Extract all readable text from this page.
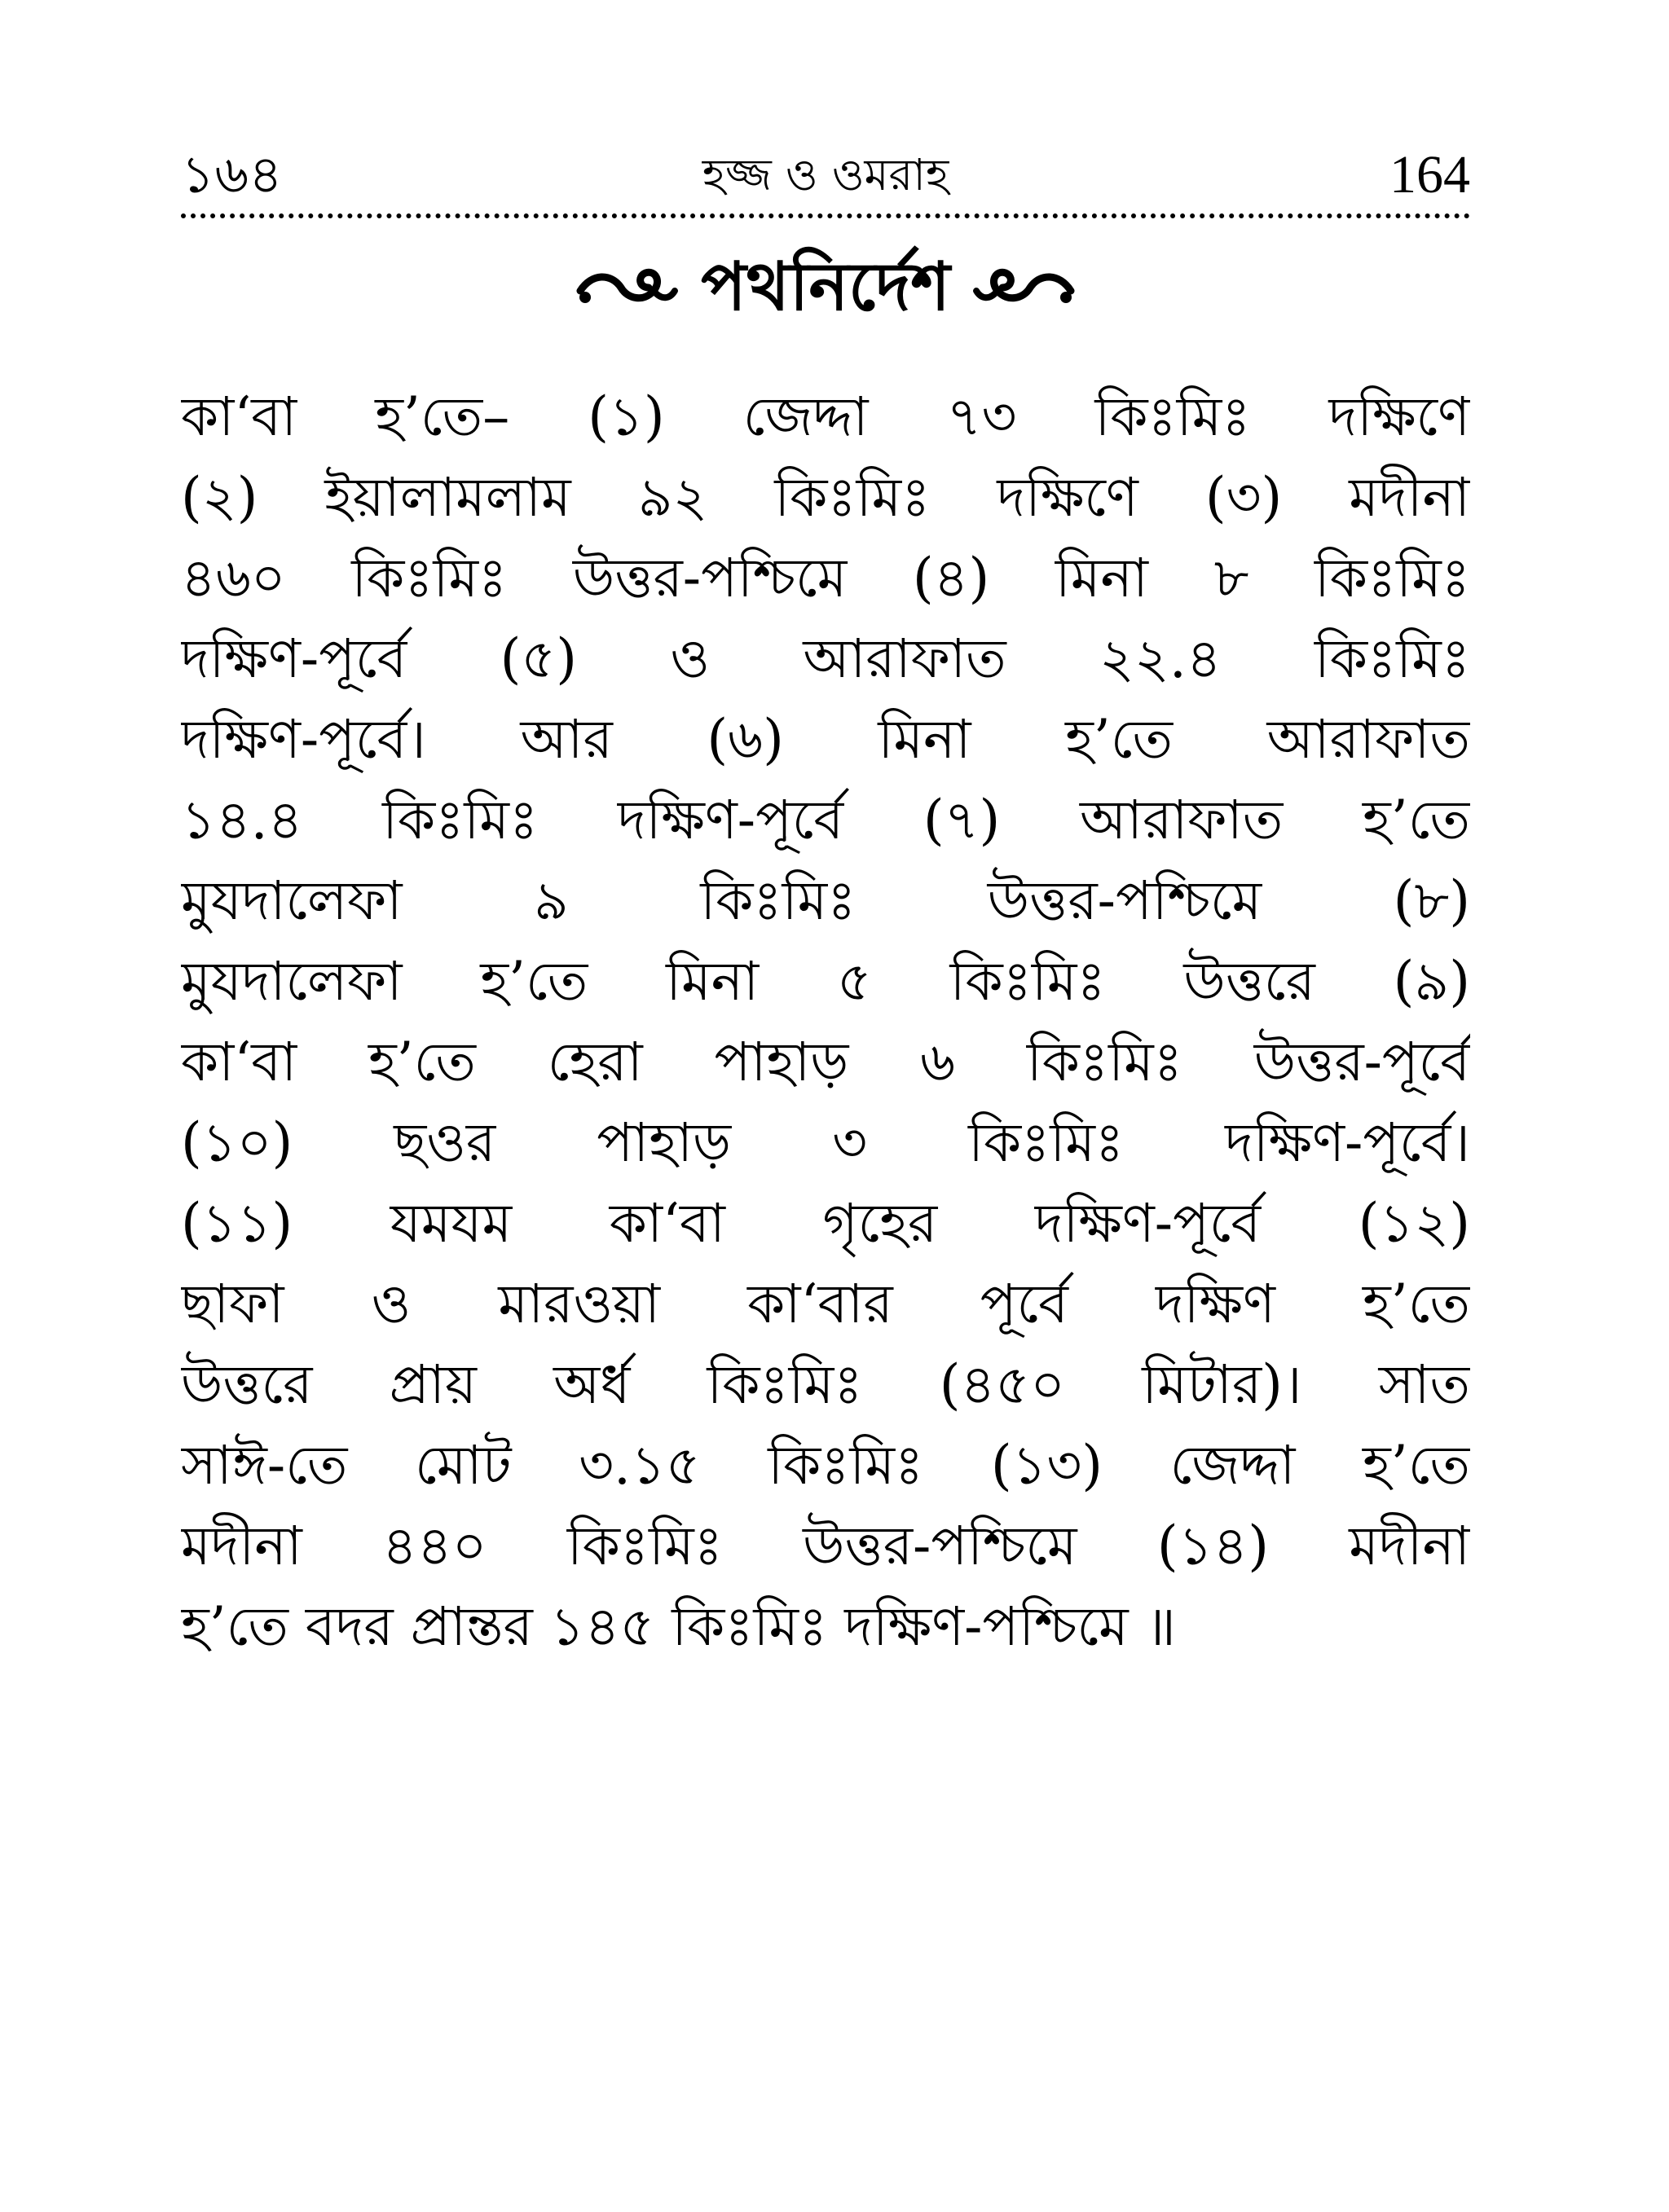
১৬৪	হজ্জ ও ওমরাহ	164
পথনির্দেশ
কা‘বা হ’তে– (১) জেদ্দা ৭৩ কিঃমিঃ দক্ষিণে
(২) ইয়ালামলাম ৯২ কিঃমিঃ দক্ষিণে (৩) মদীনা
৪৬০ কিঃমিঃ উত্তর-পশ্চিমে (৪) মিনা ৮ কিঃমিঃ
দক্ষিণ-পূর্বে (৫) ও আরাফাত ২২.৪ কিঃমিঃ
দক্ষিণ-পূর্বে। আর (৬) মিনা হ’তে আরাফাত
১৪.৪ কিঃমিঃ দক্ষিণ-পূর্বে (৭) আরাফাত হ’তে
মুযদালেফা ৯ কিঃমিঃ উত্তর-পশ্চিমে (৮)
মুযদালেফা হ’তে মিনা ৫ কিঃমিঃ উত্তরে (৯)
কা‘বা হ’তে হেরা পাহাড় ৬ কিঃমিঃ উত্তর-পূর্বে
(১০) ছওর পাহাড় ৩ কিঃমিঃ দক্ষিণ-পূর্বে।
(১১) যমযম কা‘বা গৃহের দক্ষিণ-পূর্বে (১২)
ছাফা ও মারওয়া কা‘বার পূর্বে দক্ষিণ হ’তে
উত্তরে প্রায় অর্ধ কিঃমিঃ (৪৫০ মিটার)। সাত
সাঈ-তে মোট ৩.১৫ কিঃমিঃ (১৩) জেদ্দা হ’তে
মদীনা ৪৪০ কিঃমিঃ উত্তর-পশ্চিমে (১৪) মদীনা
হ’তে বদর প্রান্তর ১৪৫ কিঃমিঃ দক্ষিণ-পশ্চিমে ॥
